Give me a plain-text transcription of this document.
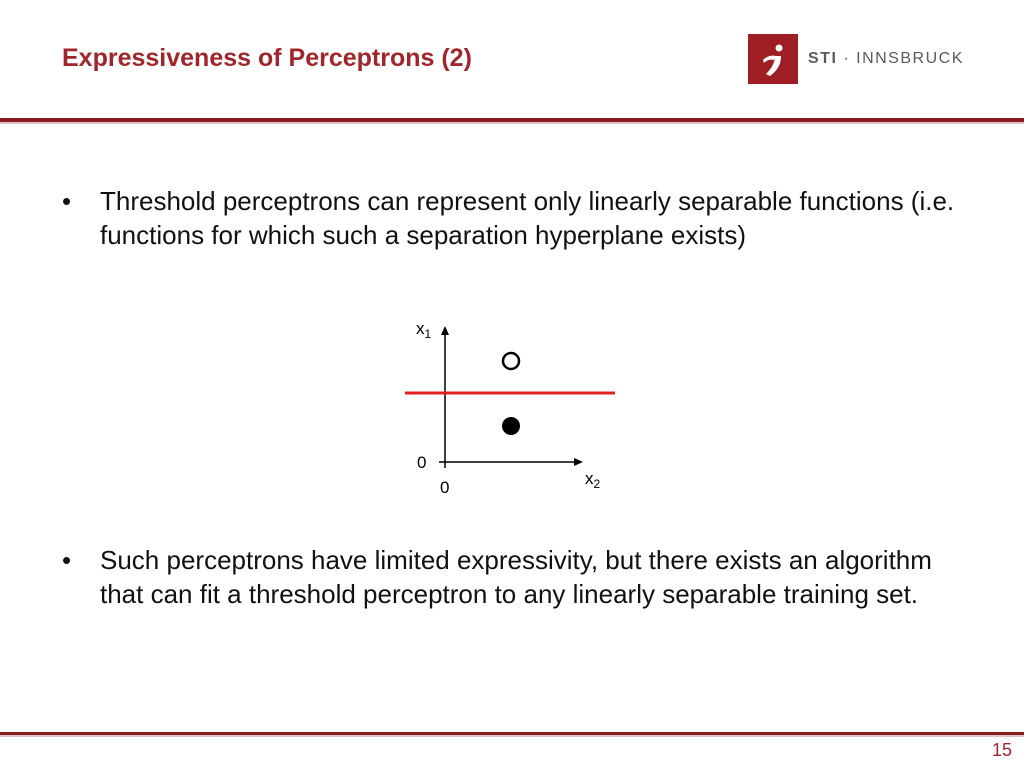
Expressiveness of Perceptrons (2)	STI · INNSBRUCK
• Threshold perceptrons can represent only linearly separable functions (i.e. functions for which such a separation hyperplane exists)
$x_1$
$x_2$
0
0
• Such perceptrons have limited expressivity, but there exists an algorithm that can fit a threshold perceptron to any linearly separable training set.
15
